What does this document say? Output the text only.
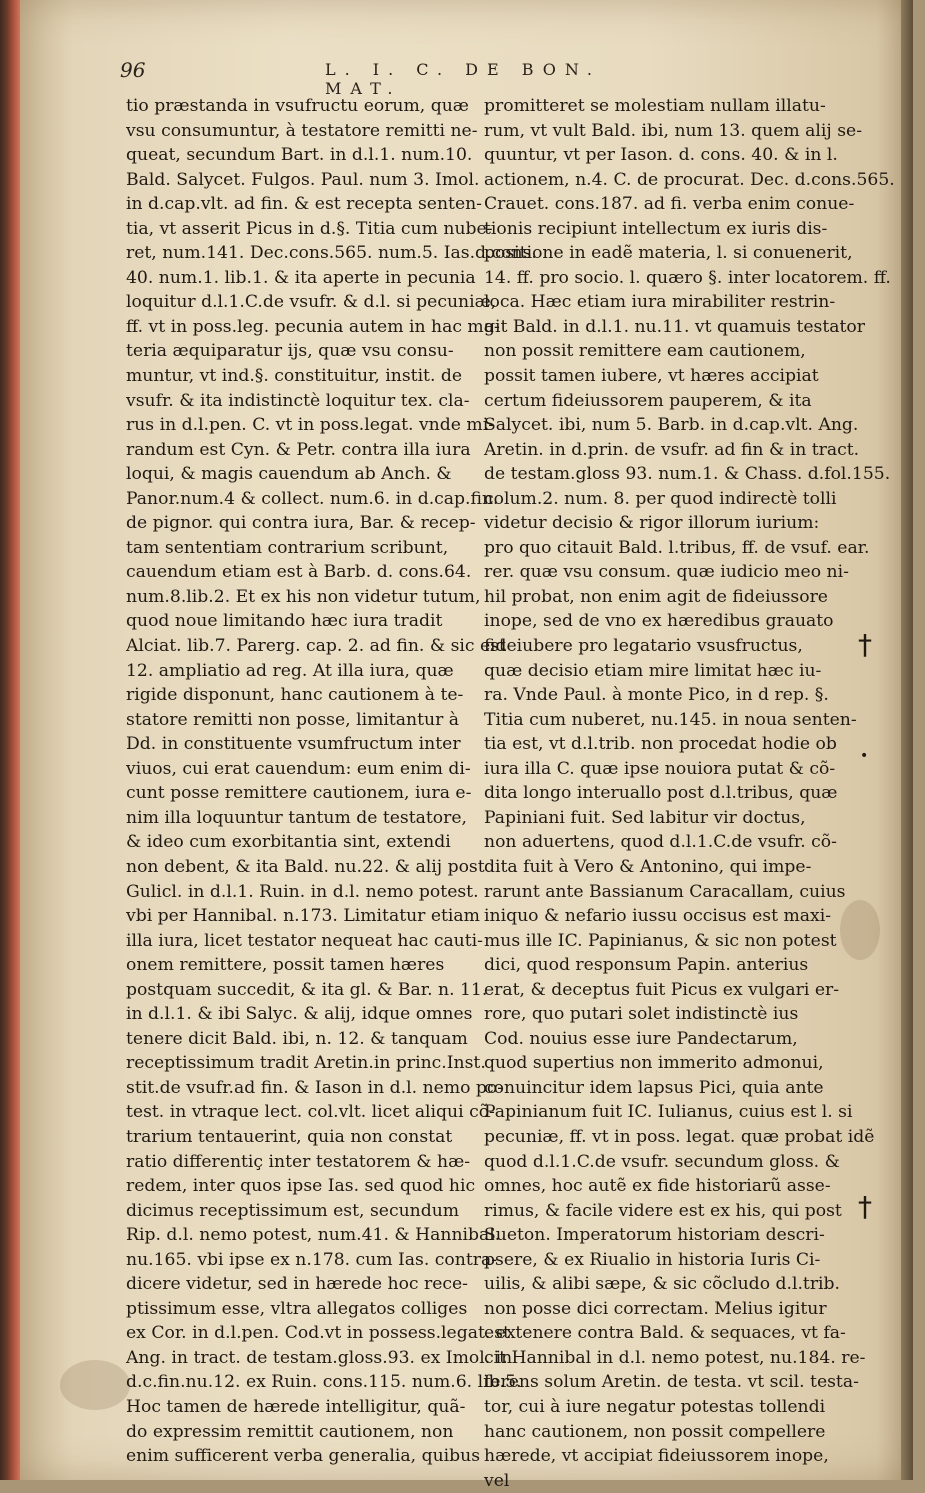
96	L. I. C. DE BON. MAT.
tio præstanda in vsufructu eorum, quæ
vsu consumuntur, à testatore remitti ne-
queat, secundum Bart. in d.l.1. num.10.
Bald. Salycet. Fulgos. Paul. num 3. Imol.
in d.cap.vlt. ad fin. & est recepta senten-
tia, vt asserit Picus in d.§. Titia cum nube-
ret, num.141. Dec.cons.565. num.5. Ias.d.cons.
40. num.1. lib.1. & ita aperte in pecunia
loquitur d.l.1.C.de vsufr. & d.l. si pecuniæ,
ff. vt in poss.leg. pecunia autem in hac ma-
teria æquiparatur ijs, quæ vsu consu-
muntur, vt ind.§. constituitur, instit. de
vsufr. & ita indistinctè loquitur tex. cla-
rus in d.l.pen. C. vt in poss.legat. vnde mi-
randum est Cyn. & Petr. contra illa iura
loqui, & magis cauendum ab Anch. &
Panor.num.4 & collect. num.6. in d.cap.fin.
de pignor. qui contra iura, Bar. & recep-
tam sententiam contrarium scribunt,
cauendum etiam est à Barb. d. cons.64.
num.8.lib.2. Et ex his non videtur tutum,
quod noue limitando hæc iura tradit
Alciat. lib.7. Parerg. cap. 2. ad fin. & sic est
12. ampliatio ad reg. At illa iura, quæ
rigide disponunt, hanc cautionem à te-
statore remitti non posse, limitantur à
Dd. in constituente vsumfructum inter
viuos, cui erat cauendum: eum enim di-
cunt posse remittere cautionem, iura e-
nim illa loquuntur tantum de testatore,
& ideo cum exorbitantia sint, extendi
non debent, & ita Bald. nu.22. & alij post
Gulicl. in d.l.1. Ruin. in d.l. nemo potest.
vbi per Hannibal. n.173. Limitatur etiam
illa iura, licet testator nequeat hac cauti-
onem remittere, possit tamen hæres
postquam succedit, & ita gl. & Bar. n. 11.
in d.l.1. & ibi Salyc. & alij, idque omnes
tenere dicit Bald. ibi, n. 12. & tanquam
receptissimum tradit Aretin.in princ.Inst.
stit.de vsufr.ad fin. & Iason in d.l. nemo po-
test. in vtraque lect. col.vlt. licet aliqui cõ-
trarium tentauerint, quia non constat
ratio differentiç inter testatorem & hæ-
redem, inter quos ipse Ias. sed quod hic
dicimus receptissimum est, secundum
Rip. d.l. nemo potest, num.41. & Hannibal.
nu.165. vbi ipse ex n.178. cum Ias. contra-
dicere videtur, sed in hærede hoc rece-
ptissimum esse, vltra allegatos colliges
ex Cor. in d.l.pen. Cod.vt in possess.legat. ex
Ang. in tract. de testam.gloss.93. ex Imol. in
d.c.fin.nu.12. ex Ruin. cons.115. num.6. lib.5.
Hoc tamen de hærede intelligitur, quã-
do expressim remittit cautionem, non
enim sufficerent verba generalia, quibus
promitteret se molestiam nullam illatu-
rum, vt vult Bald. ibi, num 13. quem alij se-
quuntur, vt per Iason. d. cons. 40. & in l.
actionem, n.4. C. de procurat. Dec. d.cons.565.
Crauet. cons.187. ad fi. verba enim conue-
tionis recipiunt intellectum ex iuris dis-
positione in eadẽ materia, l. si conuenerit,
14. ff. pro socio. l. quæro §. inter locatorem. ff.
loca. Hæc etiam iura mirabiliter restrin-
git Bald. in d.l.1. nu.11. vt quamuis testator
non possit remittere eam cautionem,
possit tamen iubere, vt hæres accipiat
certum fideiussorem pauperem, & ita
Salycet. ibi, num 5. Barb. in d.cap.vlt. Ang.
Aretin. in d.prin. de vsufr. ad fin & in tract.
de testam.gloss 93. num.1. & Chass. d.fol.155.
colum.2. num. 8. per quod indirectè tolli
videtur decisio & rigor illorum iurium:
pro quo citauit Bald. l.tribus, ff. de vsuf. ear.
rer. quæ vsu consum. quæ iudicio meo ni-
hil probat, non enim agit de fideiussore
inope, sed de vno ex hæredibus grauato
fideiubere pro legatario vsusfructus,
quæ decisio etiam mire limitat hæc iu-
ra. Vnde Paul. à monte Pico, in d rep. §.
Titia cum nuberet, nu.145. in noua senten-
tia est, vt d.l.trib. non procedat hodie ob
iura illa C. quæ ipse nouiora putat & cõ-
dita longo interuallo post d.l.tribus, quæ
Papiniani fuit. Sed labitur vir doctus,
non aduertens, quod d.l.1.C.de vsufr. cõ-
dita fuit à Vero & Antonino, qui impe-
rarunt ante Bassianum Caracallam, cuius
iniquo & nefario iussu occisus est maxi-
mus ille IC. Papinianus, & sic non potest
dici, quod responsum Papin. anterius
erat, & deceptus fuit Picus ex vulgari er-
rore, quo putari solet indistinctè ius
Cod. nouius esse iure Pandectarum,
quod supertius non immerito admonui,
conuincitur idem lapsus Pici, quia ante
Papinianum fuit IC. Iulianus, cuius est l. si
pecuniæ, ff. vt in poss. legat. quæ probat idẽ
quod d.l.1.C.de vsufr. secundum gloss. &
omnes, hoc autẽ ex fide historiarũ asse-
rimus, & facile videre est ex his, qui post
Sueton. Imperatorum historiam descri-
psere, & ex Riualio in historia Iuris Ci-
uilis, & alibi sæpe, & sic cõcludo d.l.trib.
non posse dici correctam. Melius igitur
est tenere contra Bald. & sequaces, vt fa-
cit Hannibal in d.l. nemo potest, nu.184. re-
ferens solum Aretin. de testa. vt scil. testa-
tor, cui à iure negatur potestas tollendi
hanc cautionem, non possit compellere
hærede, vt accipiat fideiussorem inope,
vel
†
†
•
